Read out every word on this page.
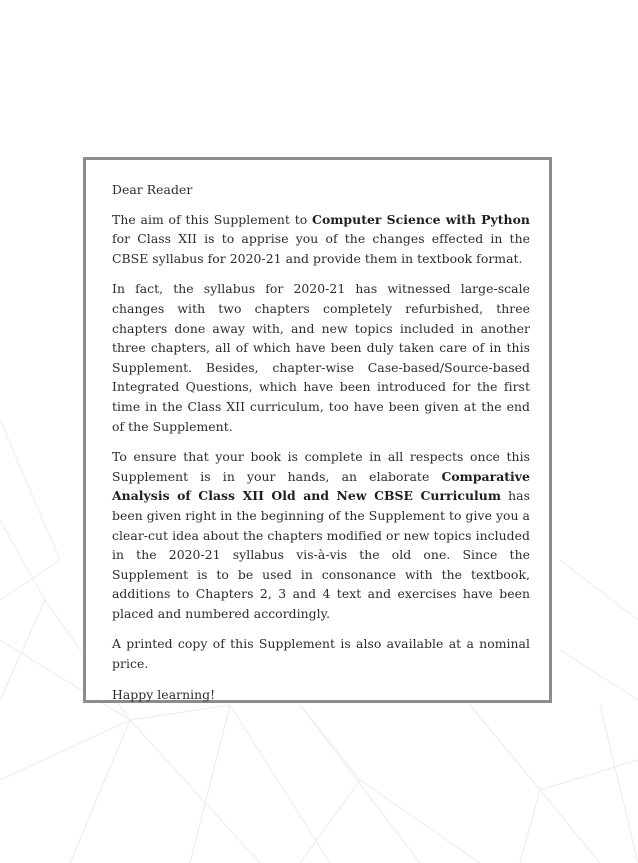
Dear Reader

The aim of this Supplement to Computer Science with Python for Class XII is to apprise you of the changes effected in the CBSE syllabus for 2020-21 and provide them in textbook format.

In fact, the syllabus for 2020-21 has witnessed large-scale changes with two chapters completely refurbished, three chapters done away with, and new topics included in another three chapters, all of which have been duly taken care of in this Supplement. Besides, chapter-wise Case-based/Source-based Integrated Questions, which have been introduced for the first time in the Class XII curriculum, too have been given at the end of the Supplement.

To ensure that your book is complete in all respects once this Supplement is in your hands, an elaborate Comparative Analysis of Class XII Old and New CBSE Curriculum has been given right in the beginning of the Supplement to give you a clear-cut idea about the chapters modified or new topics included in the 2020-21 syllabus vis-à-vis the old one. Since the Supplement is to be used in consonance with the textbook, additions to Chapters 2, 3 and 4 text and exercises have been placed and numbered accordingly.

A printed copy of this Supplement is also available at a nominal price.

Happy learning!
